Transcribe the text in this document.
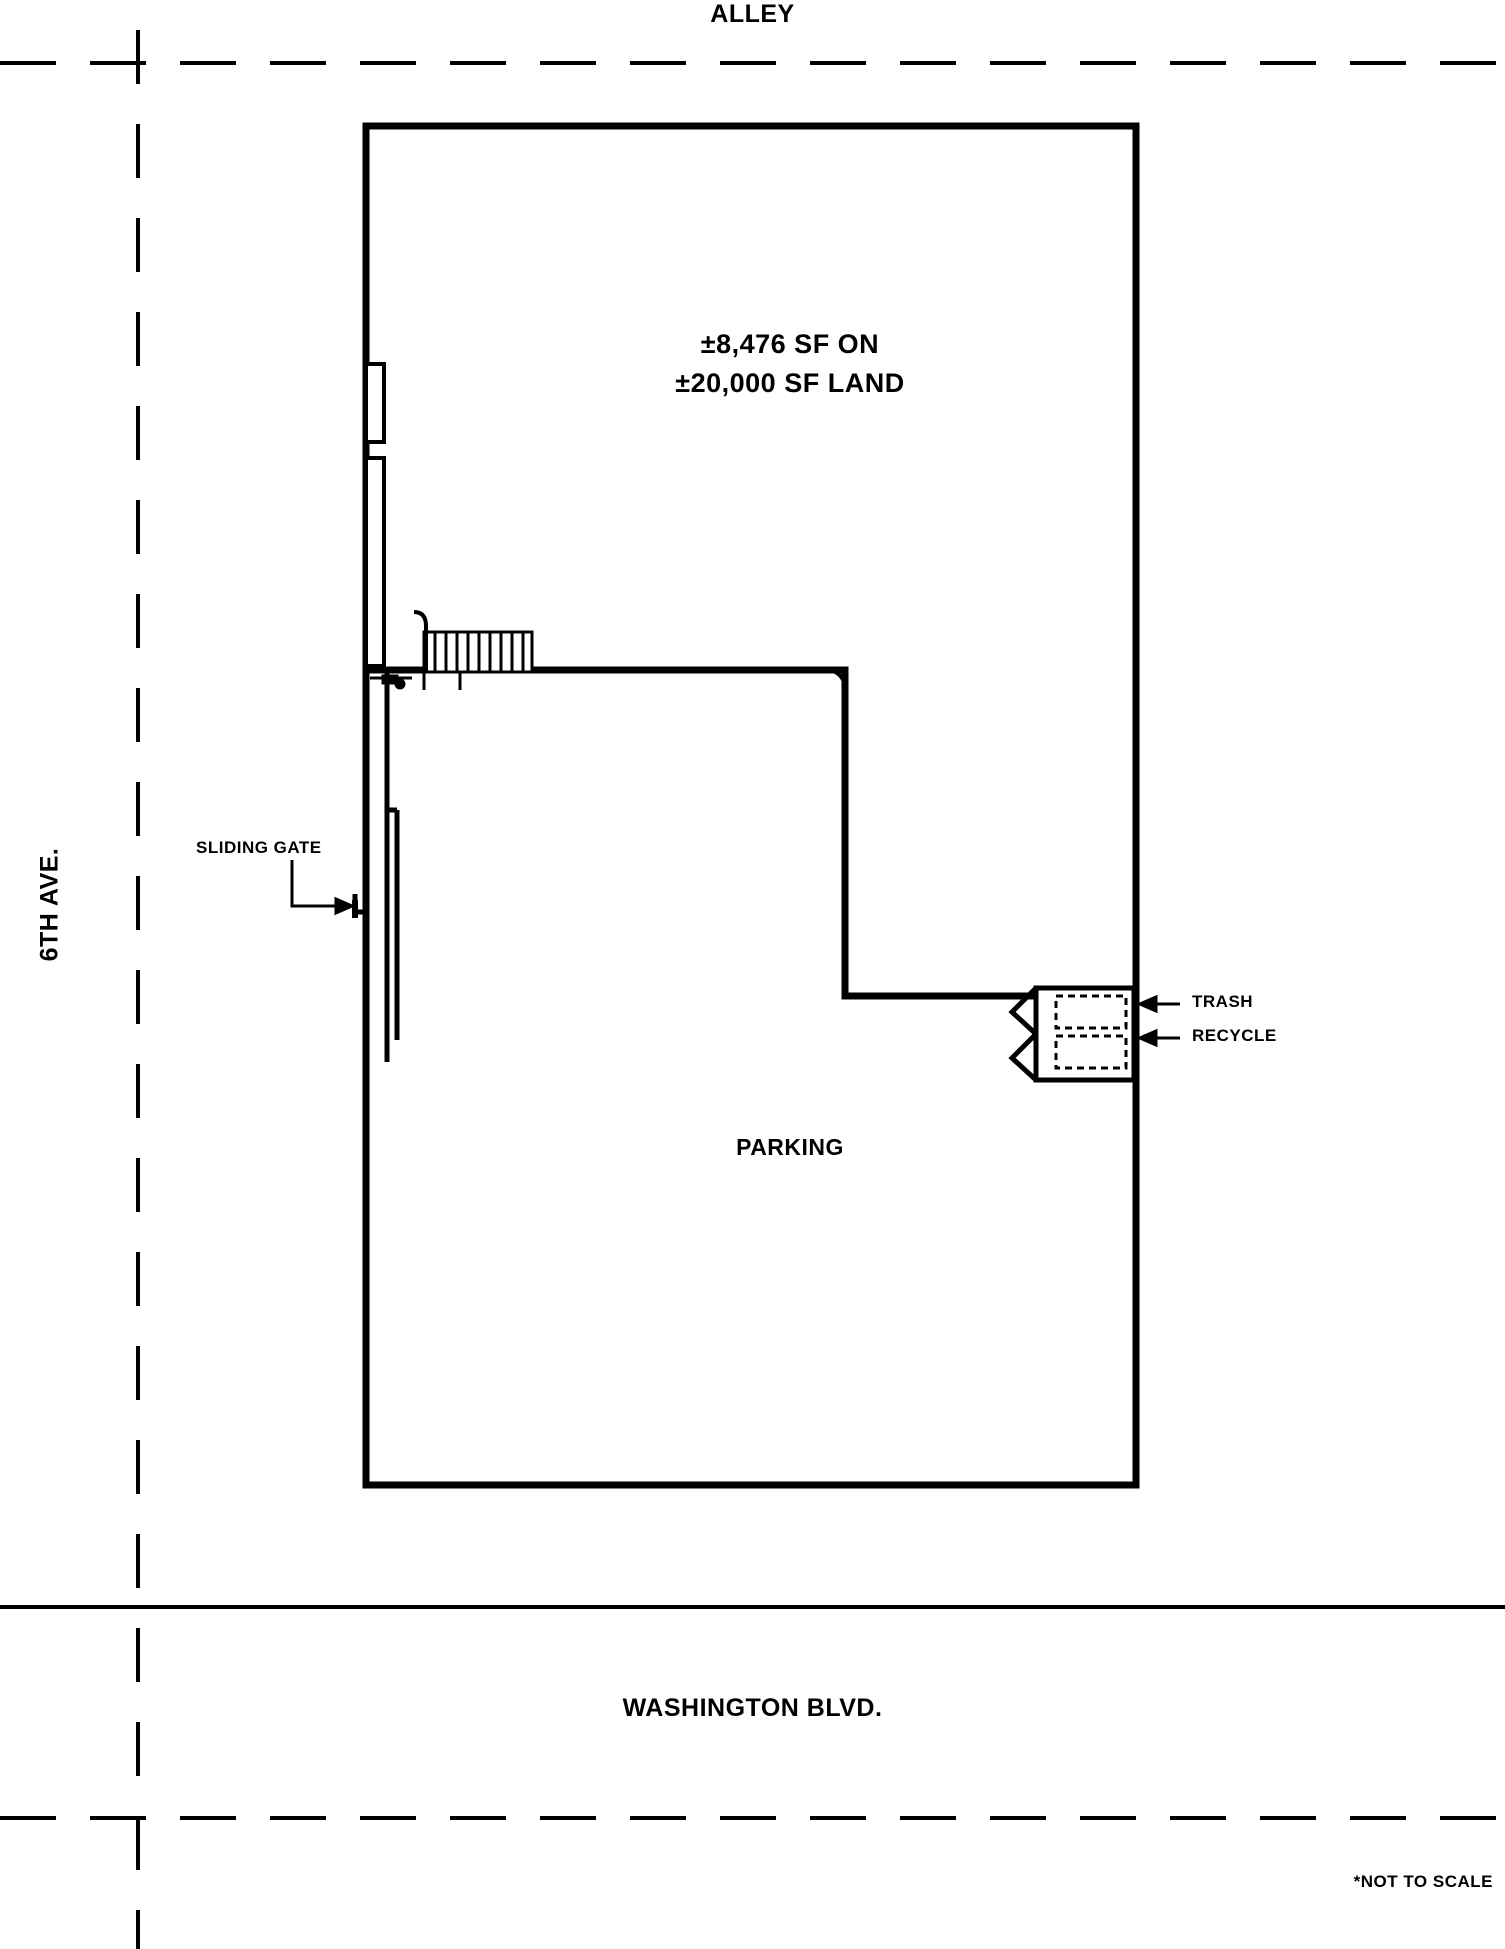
ALLEY
WASHINGTON BLVD.
6TH AVE.
±8,476 SF ON
±20,000 SF LAND
PARKING
SLIDING GATE
TRASH
RECYCLE
*NOT TO SCALE
